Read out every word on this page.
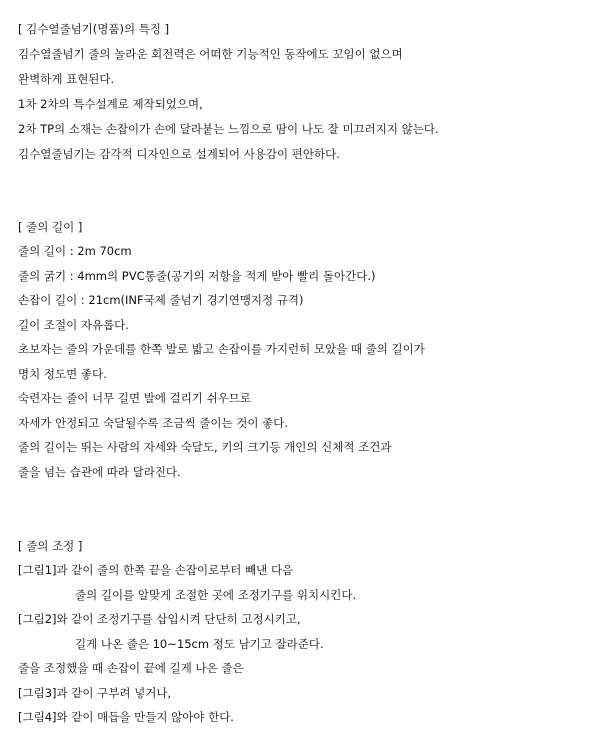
[ 김수열줄넘기(명품)의 특징 ]
김수열줄넘기 줄의 놀라운 회전력은 어떠한 기능적인 동작에도 꼬임이 없으며
완벽하게 표현된다.
1차 2차의 특수설계로 제작되었으며,
2차 TP의 소재는 손잡이가 손에 달라붙는 느낌으로 땀이 나도 잘 미끄러지지 않는다.
김수열줄넘기는 감각적 디자인으로 설계되어 사용감이 편안하다.
[ 줄의 길이 ]
줄의 길이 : 2m 70cm
줄의 굵기 : 4mm의 PVC통줄(공기의 저항을 적게 받아 빨리 돌아간다.)
손잡이 길이 : 21cm(INF국제 줄넘기 경기연맹지정 규격)
길이 조절이 자유롭다.
초보자는 줄의 가운데를 한쪽 발로 밟고 손잡이를 가지런히 모았을 때 줄의 길이가
명치 정도면 좋다.
숙련자는 줄이 너무 길면 발에 걸리기 쉬우므로
자세가 안정되고 숙달될수록 조금씩 줄이는 것이 좋다.
줄의 길이는 뛰는 사람의 자세와 숙달도, 키의 크기등 개인의 신체적 조건과
줄을 넘는 습관에 따라 달라진다.
[ 줄의 조정 ]
[그림1]과 같이 줄의 한쪽 끝을 손잡이로부터 빼낸 다음
줄의 길이를 알맞게 조절한 곳에 조정기구를 위치시킨다.
[그림2]와 같이 조정기구를 삽입시켜 단단히 고정시키고,
길게 나온 줄은 10~15cm 정도 남기고 잘라준다.
줄을 조정했을 때 손잡이 끝에 길게 나온 줄은
[그림3]과 같이 구부려 넣거나,
[그림4]와 같이 매듭을 만들지 않아야 한다.
